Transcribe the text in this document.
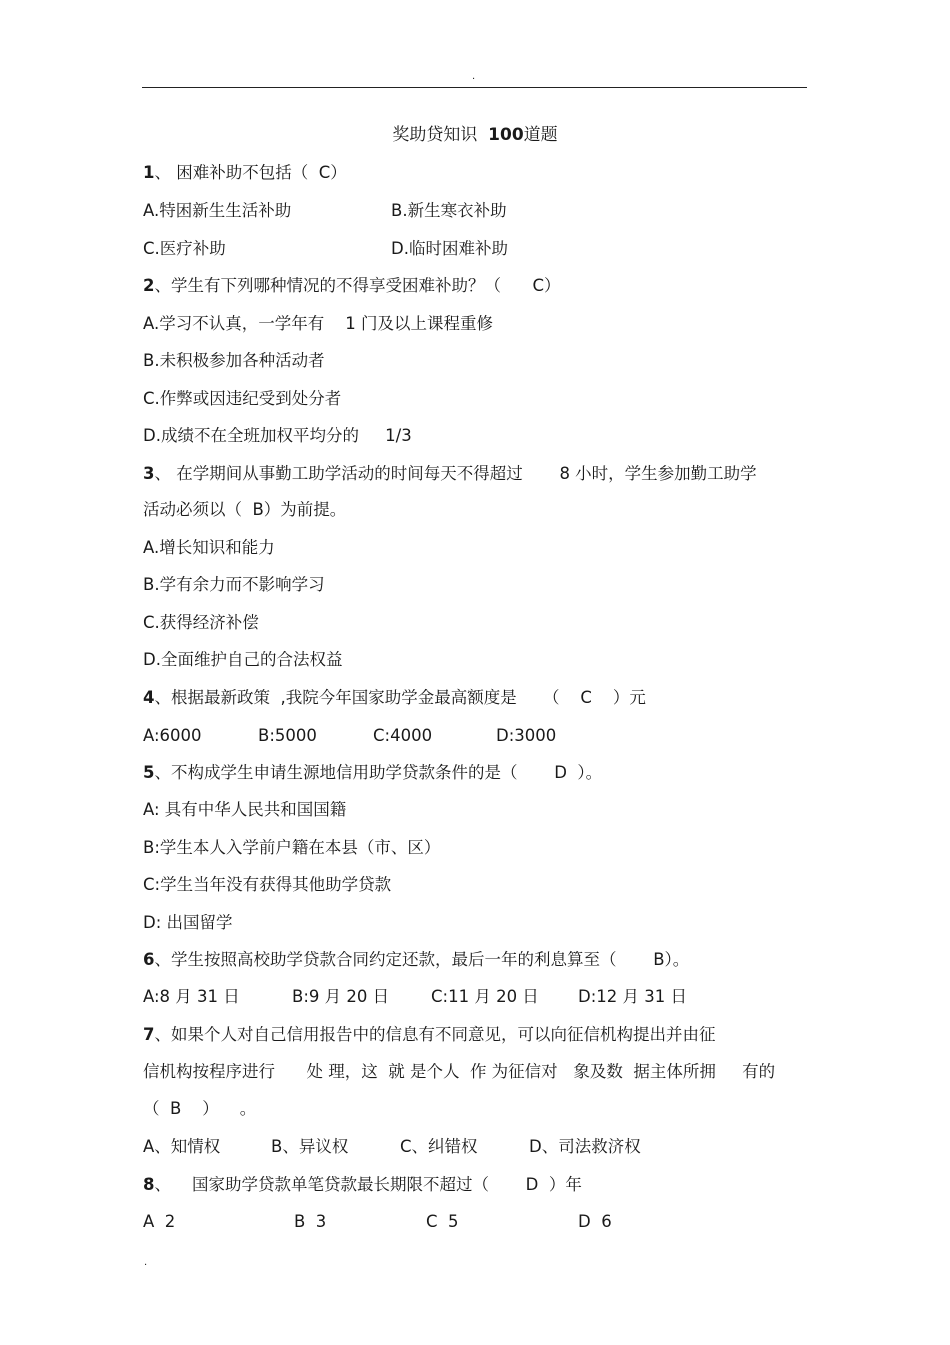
.
奖助贷知识  100道题
1、 困难补助不包括（  C）
A.特困新生生活补助	B.新生寒衣补助
C.医疗补助	D.临时困难补助
2、学生有下列哪种情况的不得享受困难补助？（      C）
A.学习不认真，一学年有    1 门及以上课程重修
B.未积极参加各种活动者
C.作弊或因违纪受到处分者
D.成绩不在全班加权平均分的     1/3
3、 在学期间从事勤工助学活动的时间每天不得超过       8 小时，学生参加勤工助学
活动必须以（  B）为前提。
A.增长知识和能力
B.学有余力而不影响学习
C.获得经济补偿
D.全面维护自己的合法权益
4、根据最新政策  ,我院今年国家助学金最高额度是     （    C    ）元
A:6000	B:5000	C:4000	D:3000
5、不构成学生申请生源地信用助学贷款条件的是（       D  ）。
A: 具有中华人民共和国国籍
B:学生本人入学前户籍在本县（市、区）
C:学生当年没有获得其他助学贷款
D: 出国留学
6、学生按照高校助学贷款合同约定还款，最后一年的利息算至（       B）。
A:8 月 31 日	B:9 月 20 日	C:11 月 20 日 D:12 月 31 日
7、如果个人对自己信用报告中的信息有不同意见，可以向征信机构提出并由征
信机构按程序进行      处 理，这  就 是个人  作 为征信对   象及数  据主体所拥     有的
（  B    ）    。
A、知情权	B、异议权	C、纠错权	D、司法救济权
8、    国家助学贷款单笔贷款最长期限不超过（       D  ）年
A  2	B  3	C  5	D  6
.
